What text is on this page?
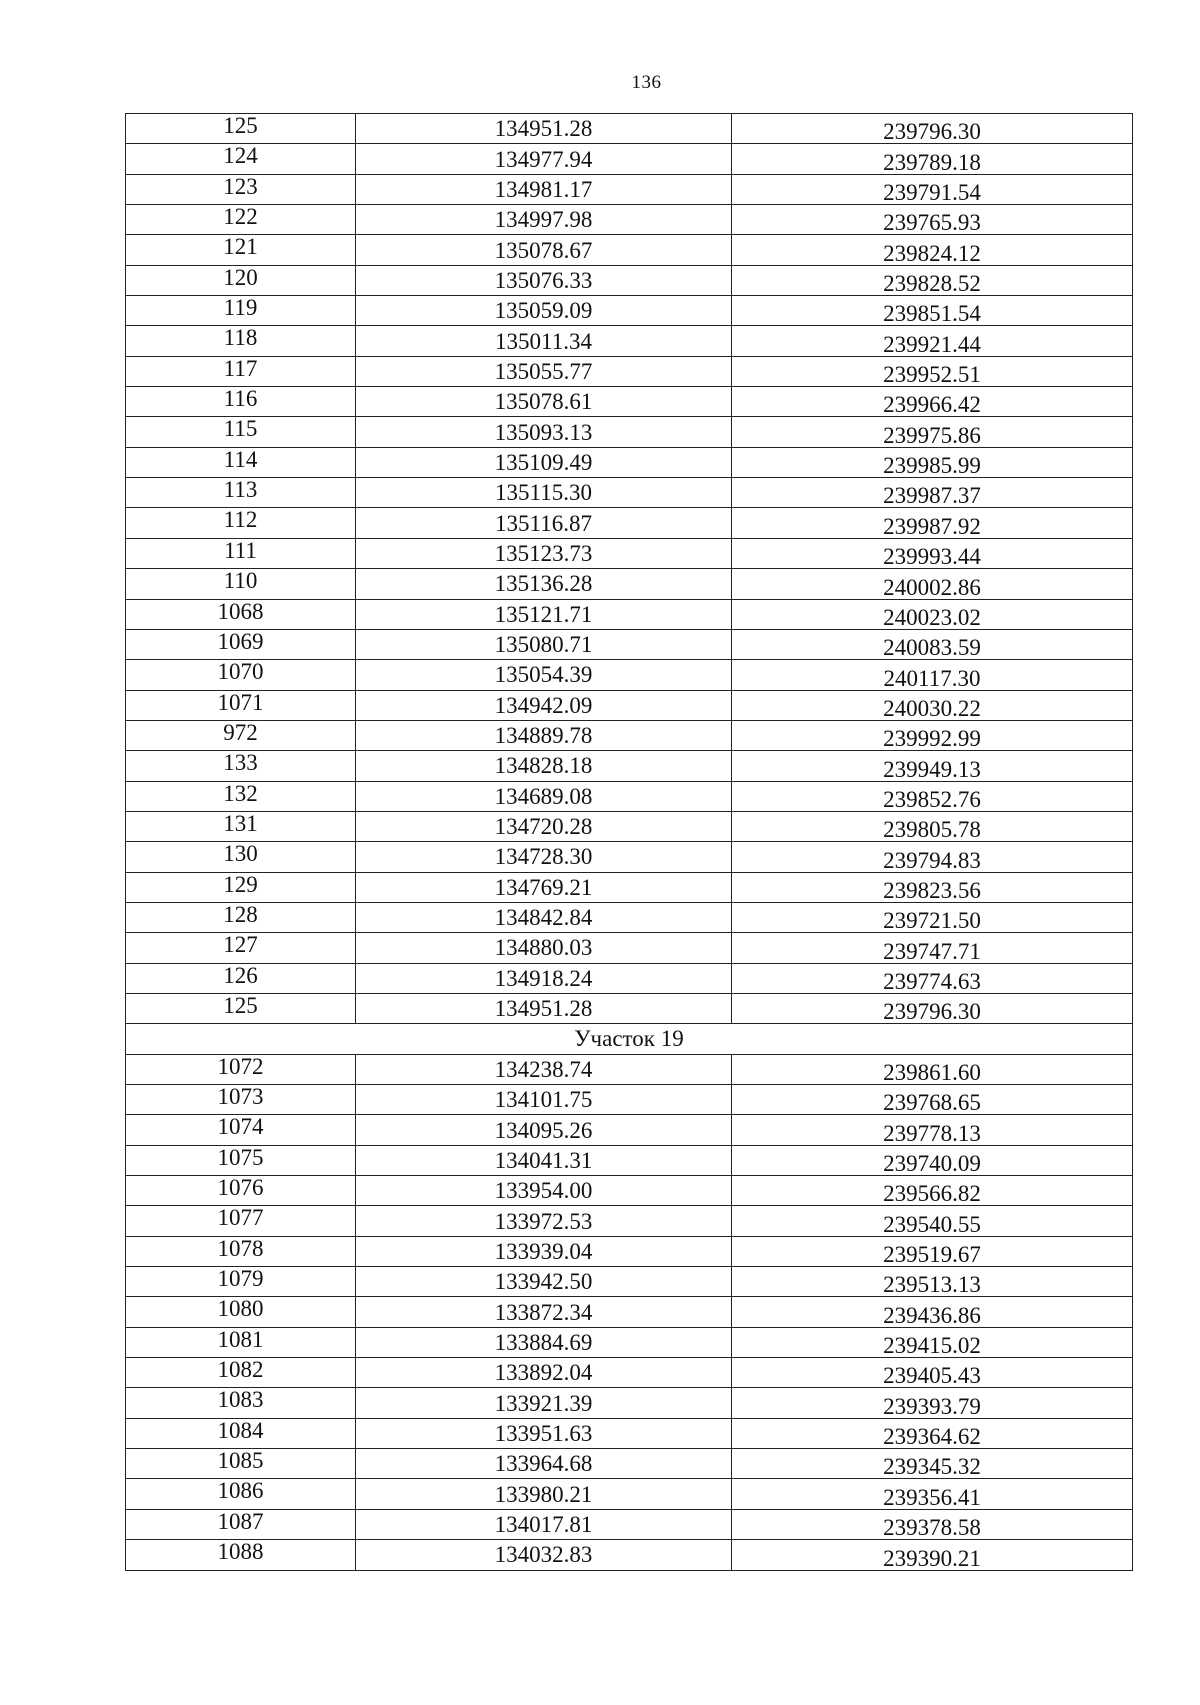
136
125	134951.28	239796.30
124	134977.94	239789.18
123	134981.17	239791.54
122	134997.98	239765.93
121	135078.67	239824.12
120	135076.33	239828.52
119	135059.09	239851.54
118	135011.34	239921.44
117	135055.77	239952.51
116	135078.61	239966.42
115	135093.13	239975.86
114	135109.49	239985.99
113	135115.30	239987.37
112	135116.87	239987.92
111	135123.73	239993.44
110	135136.28	240002.86
1068	135121.71	240023.02
1069	135080.71	240083.59
1070	135054.39	240117.30
1071	134942.09	240030.22
972	134889.78	239992.99
133	134828.18	239949.13
132	134689.08	239852.76
131	134720.28	239805.78
130	134728.30	239794.83
129	134769.21	239823.56
128	134842.84	239721.50
127	134880.03	239747.71
126	134918.24	239774.63
125	134951.28	239796.30
Участок 19		
1072	134238.74	239861.60
1073	134101.75	239768.65
1074	134095.26	239778.13
1075	134041.31	239740.09
1076	133954.00	239566.82
1077	133972.53	239540.55
1078	133939.04	239519.67
1079	133942.50	239513.13
1080	133872.34	239436.86
1081	133884.69	239415.02
1082	133892.04	239405.43
1083	133921.39	239393.79
1084	133951.63	239364.62
1085	133964.68	239345.32
1086	133980.21	239356.41
1087	134017.81	239378.58
1088	134032.83	239390.21
